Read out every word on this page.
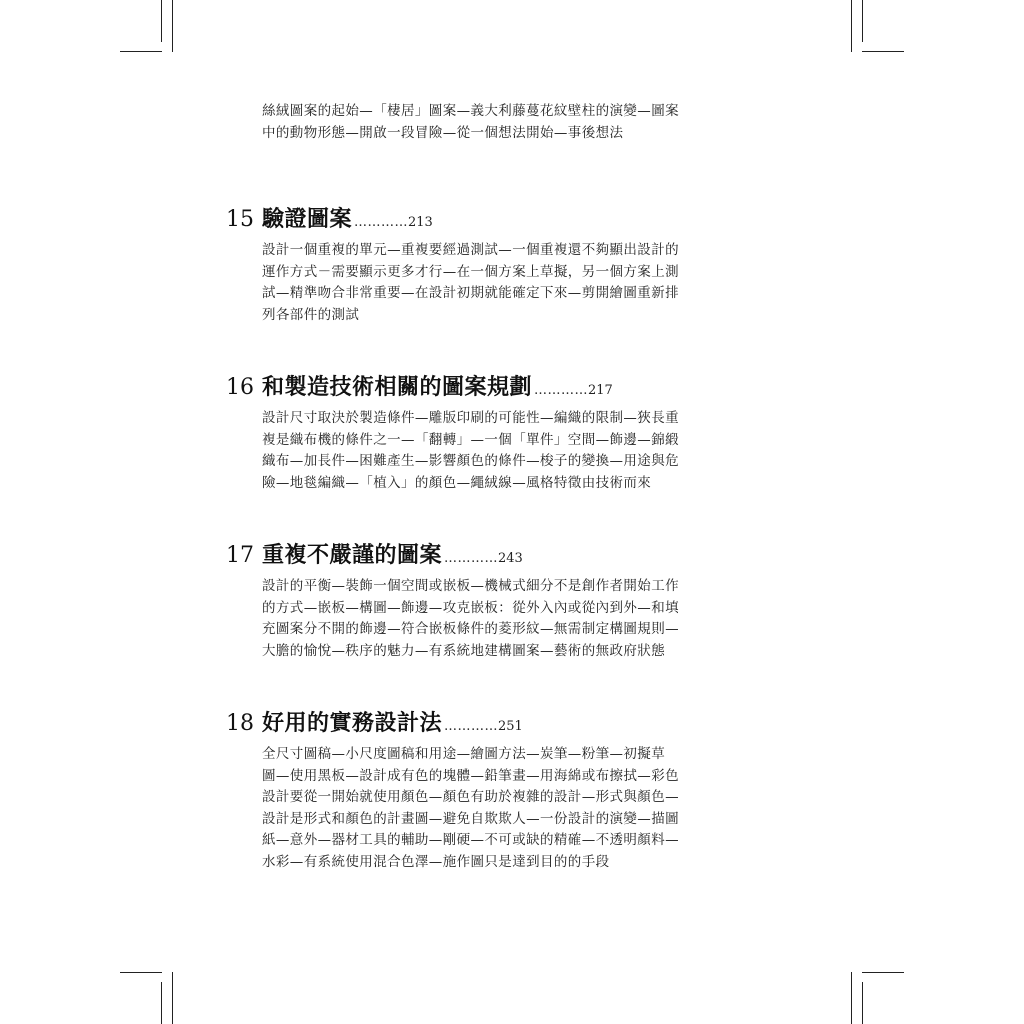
絲絨圖案的起始—「棲居」圖案—義大利藤蔓花紋壁柱的演變—圖案
中的動物形態—開啟一段冒險—從一個想法開始—事後想法
15 驗證圖案 ………… 213
設計一個重複的單元—重複要經過測試—一個重複還不夠顯出設計的
運作方式－需要顯示更多才行—在一個方案上草擬，另一個方案上測
試—精準吻合非常重要—在設計初期就能確定下來—剪開繪圖重新排
列各部件的測試
16 和製造技術相關的圖案規劃 ………… 217
設計尺寸取決於製造條件—雕版印刷的可能性—編織的限制—狹長重
複是織布機的條件之一—「翻轉」—一個「單件」空間—飾邊—錦緞
織布—加長件—困難產生—影響顏色的條件—梭子的變換—用途與危
險—地毯編織—「植入」的顏色—繩絨線—風格特徵由技術而來
17 重複不嚴謹的圖案 ………… 243
設計的平衡—裝飾一個空間或嵌板—機械式細分不是創作者開始工作
的方式—嵌板—構圖—飾邊—攻克嵌板：從外入內或從內到外—和填
充圖案分不開的飾邊—符合嵌板條件的菱形紋—無需制定構圖規則—
大膽的愉悅—秩序的魅力—有系統地建構圖案—藝術的無政府狀態
18 好用的實務設計法 ………… 251
全尺寸圖稿—小尺度圖稿和用途—繪圖方法—炭筆—粉筆—初擬草
圖—使用黑板—設計成有色的塊體—鉛筆畫—用海綿或布擦拭—彩色
設計要從一開始就使用顏色—顏色有助於複雜的設計—形式與顏色—
設計是形式和顏色的計畫圖—避免自欺欺人—一份設計的演變—描圖
紙—意外—器材工具的輔助—剛硬—不可或缺的精確—不透明顏料—
水彩—有系統使用混合色澤—施作圖只是達到目的的手段
